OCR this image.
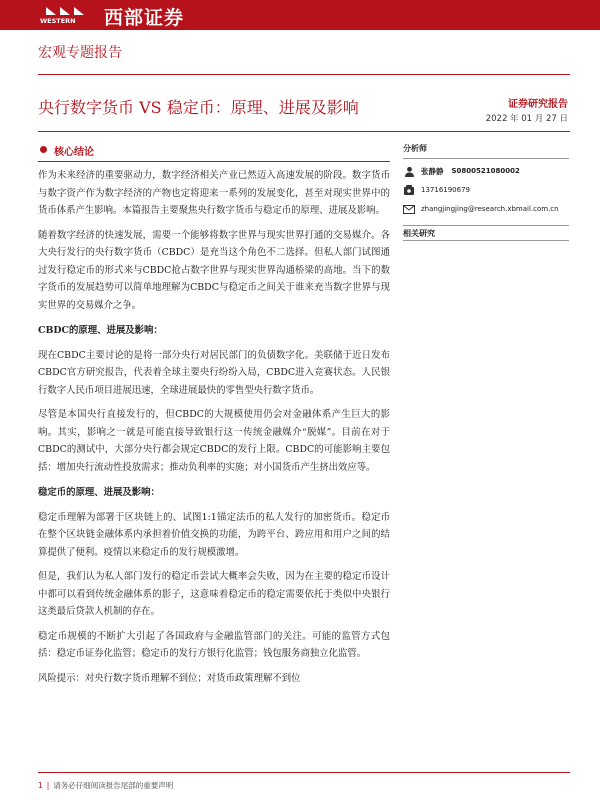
WESTERN 西部证券
宏观专题报告
央行数字货币 VS 稳定币：原理、进展及影响	证券研究报告
2022 年 01 月 27 日
核心结论

作为未来经济的重要驱动力，数字经济相关产业已然迈入高速发展的阶段。数字货币与数字资产作为数字经济的产物也定将迎来一系列的发展变化，甚至对现实世界中的货币体系产生影响。本篇报告主要聚焦央行数字货币与稳定币的原理、进展及影响。

随着数字经济的快速发展，需要一个能够将数字世界与现实世界打通的交易媒介。各大央行发行的央行数字货币（CBDC）是充当这个角色不二选择。但私人部门试图通过发行稳定币的形式来与CBDC抢占数字世界与现实世界沟通桥梁的高地。当下的数字货币的发展趋势可以简单地理解为CBDC与稳定币之间关于谁来充当数字世界与现实世界的交易媒介之争。

CBDC的原理、进展及影响：

现在CBDC主要讨论的是将一部分央行对居民部门的负债数字化。美联储于近日发布CBDC官方研究报告，代表着全球主要央行纷纷入局，CBDC进入竞赛状态。人民银行数字人民币项目进展迅速，全球进展最快的零售型央行数字货币。

尽管是本国央行直接发行的，但CBDC的大规模使用仍会对金融体系产生巨大的影响。其实，影响之一就是可能直接导致银行这一传统金融媒介“脱媒”。目前在对于CBDC的测试中，大部分央行都会规定CBDC的发行上限。CBDC的可能影响主要包括：增加央行流动性投放需求；推动负利率的实施；对小国货币产生挤出效应等。

稳定币的原理、进展及影响：

稳定币理解为部署于区块链上的、试图1:1锚定法币的私人发行的加密货币。稳定币在整个区块链金融体系内承担着价值交换的功能，为跨平台、跨应用和用户之间的结算提供了便利。疫情以来稳定币的发行规模激增。

但是，我们认为私人部门发行的稳定币尝试大概率会失败，因为在主要的稳定币设计中都可以看到传统金融体系的影子，这意味着稳定币的稳定需要依托于类似中央银行这类最后贷款人机制的存在。

稳定币规模的不断扩大引起了各国政府与金融监管部门的关注。可能的监管方式包括：稳定币证券化监管；稳定币的发行方银行化监管；钱包服务商独立化监管。

风险提示：对央行数字货币理解不到位；对货币政策理解不到位

分析师
张静静 S0800521080002
13716190679
zhangjingjing@research.xbmail.com.cn
相关研究
1 | 请务必仔细阅读报告尾部的重要声明
